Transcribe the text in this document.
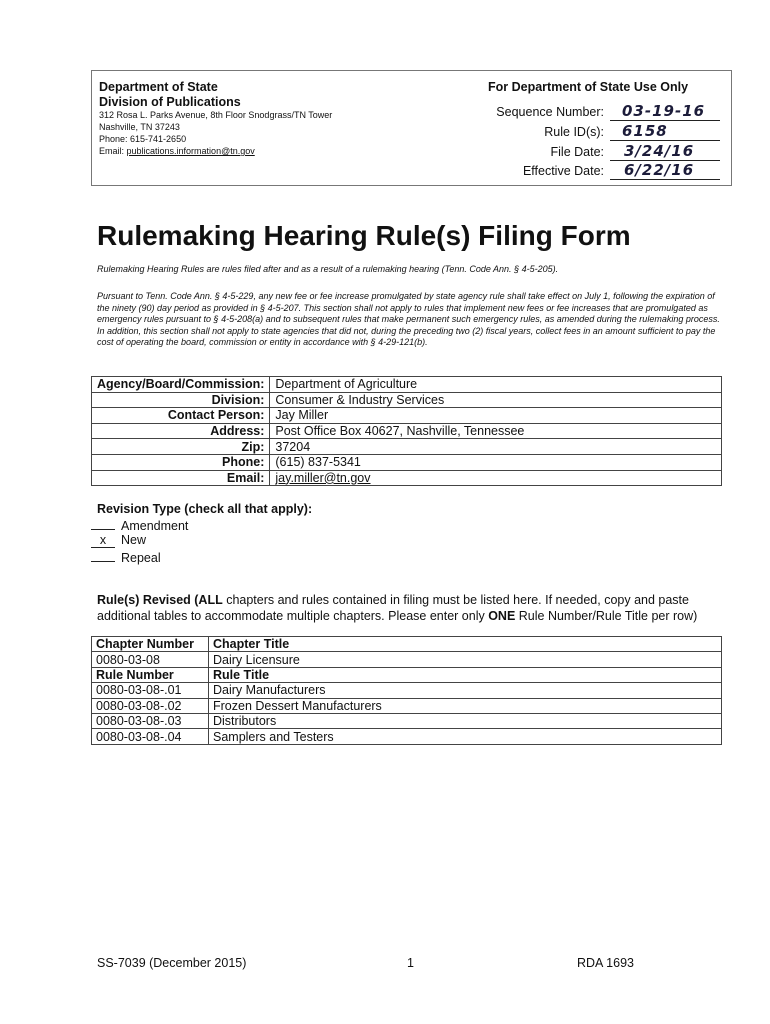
Department of State
Division of Publications
312 Rosa L. Parks Avenue, 8th Floor Snodgrass/TN Tower
Nashville, TN 37243
Phone: 615-741-2650
Email: publications.information@tn.gov
For Department of State Use Only
Sequence Number:	03-19-16
Rule ID(s):	6158
File Date:	3/24/16
Effective Date:	6/22/16
Rulemaking Hearing Rule(s) Filing Form
Rulemaking Hearing Rules are rules filed after and as a result of a rulemaking hearing (Tenn. Code Ann. § 4-5-205).
Pursuant to Tenn. Code Ann. § 4-5-229, any new fee or fee increase promulgated by state agency rule shall take effect on July 1, following the expiration of the ninety (90) day period as provided in § 4-5-207. This section shall not apply to rules that implement new fees or fee increases that are promulgated as emergency rules pursuant to § 4-5-208(a) and to subsequent rules that make permanent such emergency rules, as amended during the rulemaking process. In addition, this section shall not apply to state agencies that did not, during the preceding two (2) fiscal years, collect fees in an amount sufficient to pay the cost of operating the board, commission or entity in accordance with § 4-29-121(b).
Agency/Board/Commission:	Department of Agriculture
Division:	Consumer & Industry Services
Contact Person:	Jay Miller
Address:	Post Office Box 40627, Nashville, Tennessee
Zip:	37204
Phone:	(615) 837-5341
Email:	jay.miller@tn.gov
Revision Type (check all that apply):
Amendment
x New
Repeal
Rule(s) Revised (ALL chapters and rules contained in filing must be listed here. If needed, copy and paste
additional tables to accommodate multiple chapters. Please enter only ONE Rule Number/Rule Title per row)
Chapter Number	Chapter Title
0080-03-08	Dairy Licensure
Rule Number	Rule Title
0080-03-08-.01	Dairy Manufacturers
0080-03-08-.02	Frozen Dessert Manufacturers
0080-03-08-.03	Distributors
0080-03-08-.04	Samplers and Testers
SS-7039 (December 2015)	1	RDA 1693
